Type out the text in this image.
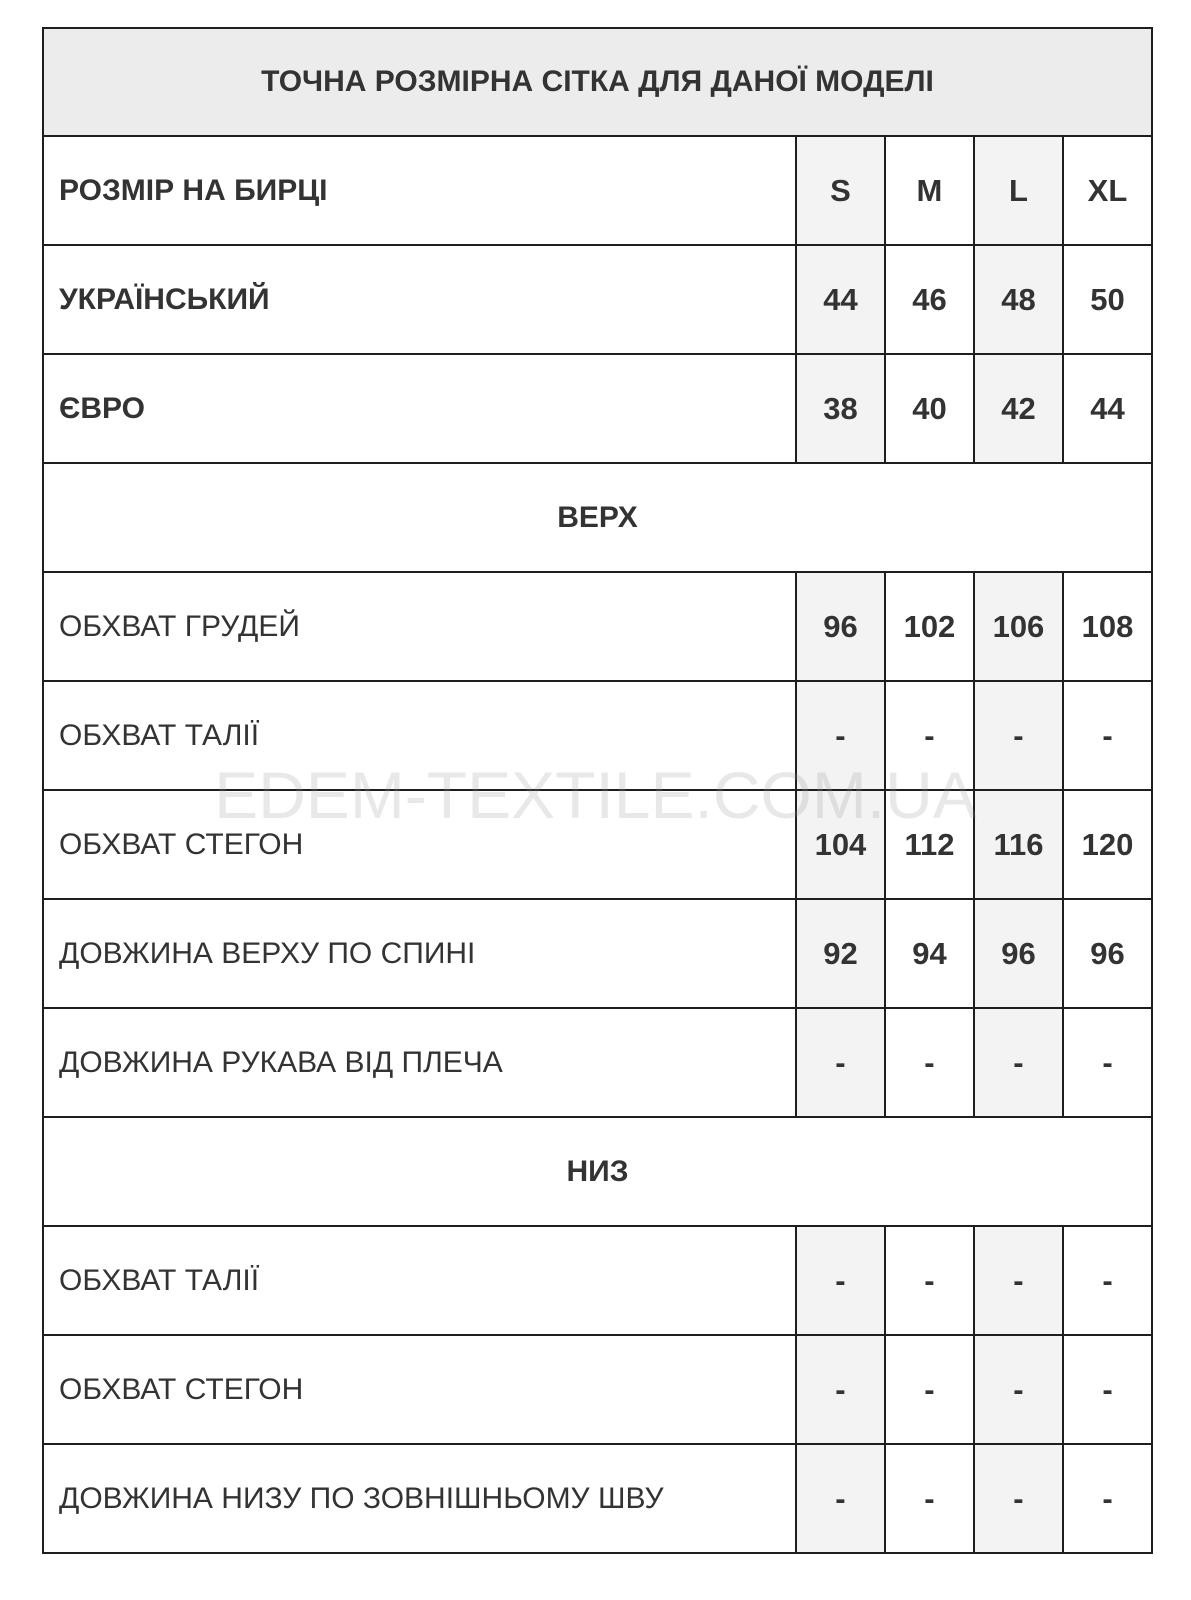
ТОЧНА РОЗМІРНА СІТКА ДЛЯ ДАНОЇ МОДЕЛІ				
РОЗМІР НА БИРЦІ	S	M	L	XL
УКРАЇНСЬКИЙ	44	46	48	50
ЄВРО	38	40	42	44
ВЕРХ				
ОБХВАТ ГРУДЕЙ	96	102	106	108
ОБХВАТ ТАЛІЇ	-	-	-	-
ОБХВАТ СТЕГОН	104	112	116	120
ДОВЖИНА ВЕРХУ ПО СПИНІ	92	94	96	96
ДОВЖИНА РУКАВА ВІД ПЛЕЧА	-	-	-	-
НИЗ				
ОБХВАТ ТАЛІЇ	-	-	-	-
ОБХВАТ СТЕГОН	-	-	-	-
ДОВЖИНА НИЗУ ПО ЗОВНІШНЬОМУ ШВУ	-	-	-	-
EDEM-TEXTILE.COM.UA
